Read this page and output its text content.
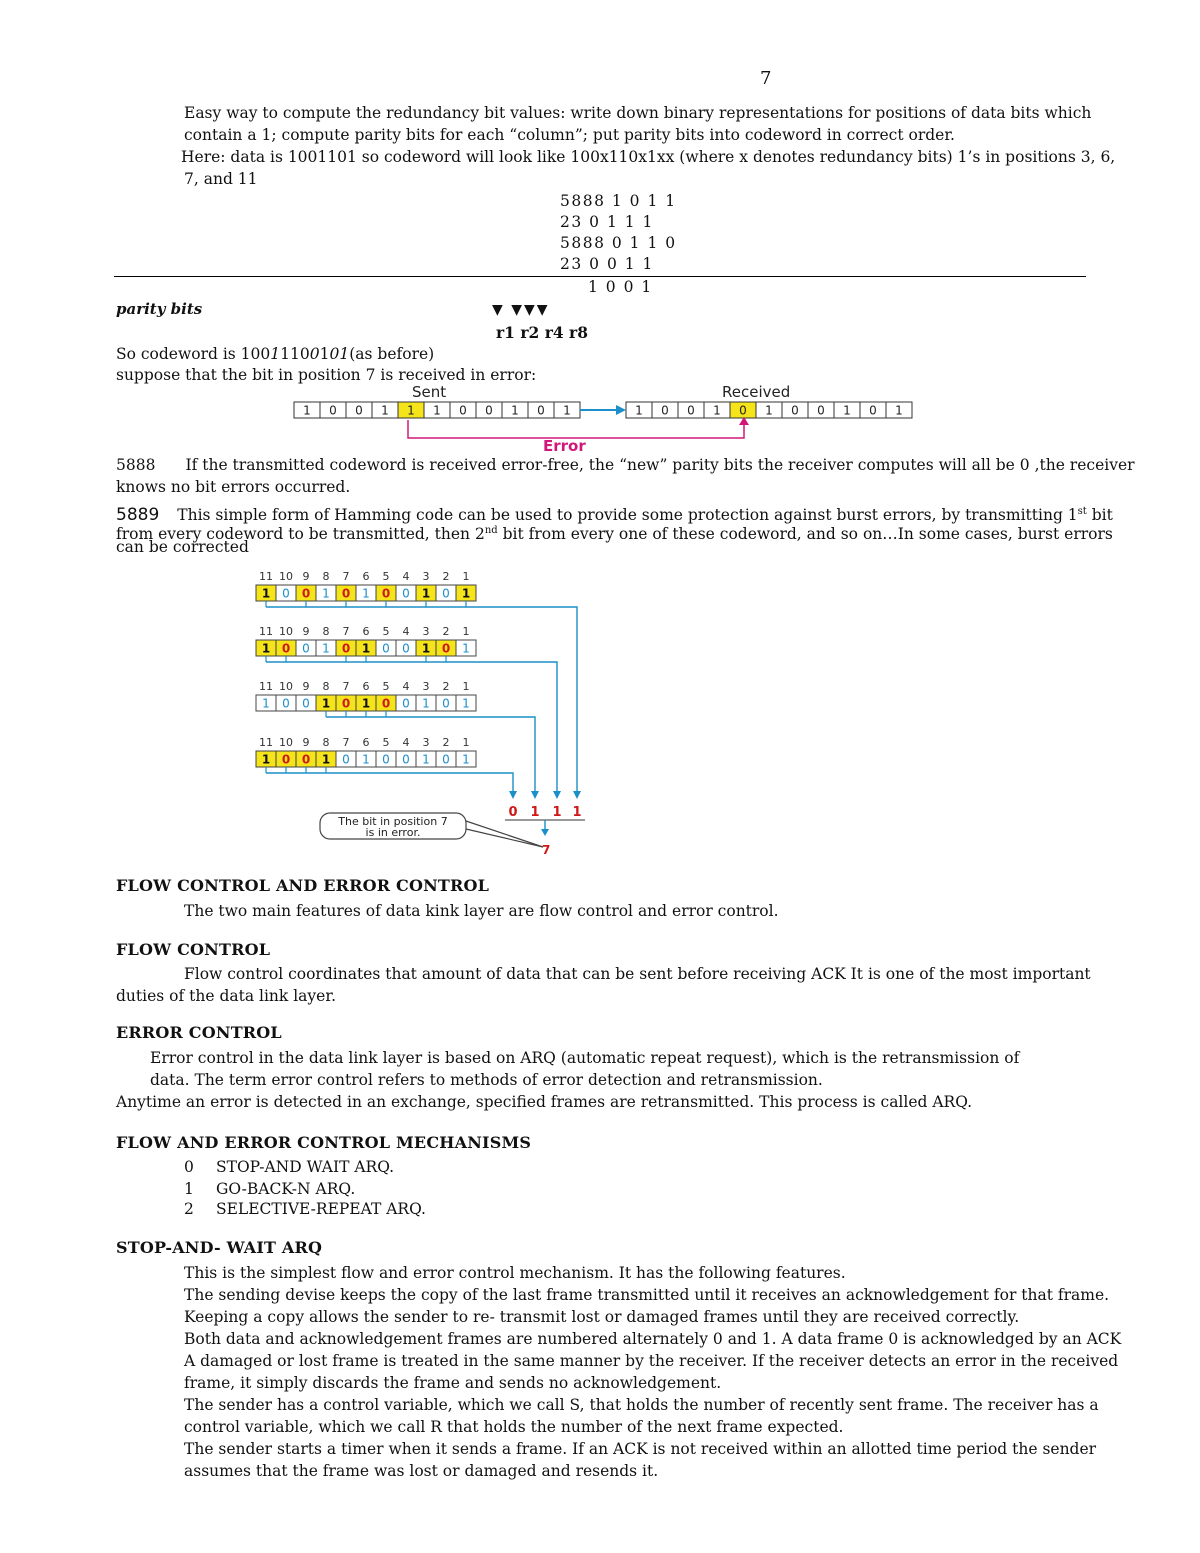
7
Easy way to compute the redundancy bit values: write down binary representations for positions of data bits which
contain a 1; compute parity bits for each “column”; put parity bits into codeword in correct order.
Here: data is 1001101 so codeword will look like 100x110x1xx (where x denotes redundancy bits) 1’s in positions 3, 6,
7, and 11
5888 1 0 1 1
23 0 1 1 1
5888 0 1 1 0
23 0 0 1 1
1 0 0 1
parity bits	▼ ▼▼▼
r1 r2 r4 r8
So codeword is 10011100101(as before)
suppose that the bit in position 7 is received in error:
Sent	Received
1 0 0 1 1 1 0 0 1 0 1	1 0 0 1 0 1 0 0 1 0 1
Error
5888 If the transmitted codeword is received error-free, the “new” parity bits the receiver computes will all be 0 ,the receiver
knows no bit errors occurred.
5889 This simple form of Hamming code can be used to provide some protection against burst errors, by transmitting 1st bit
from every codeword to be transmitted, then 2nd bit from every one of these codeword, and so on…In some cases, burst errors
can be corrected
11 10 9 8 7 6 5 4 3 2 1
1 0 0 1 0 1 0 0 1 0 1
11 10 9 8 7 6 5 4 3 2 1
1 0 0 1 0 1 0 0 1 0 1
11 10 9 8 7 6 5 4 3 2 1
1 0 0 1 0 1 0 0 1 0 1
11 10 9 8 7 6 5 4 3 2 1
1 0 0 1 0 1 0 0 1 0 1
0 1 1 1
The bit in position 7
is in error.
7
FLOW CONTROL AND ERROR CONTROL
The two main features of data kink layer are flow control and error control.
FLOW CONTROL
Flow control coordinates that amount of data that can be sent before receiving ACK It is one of the most important
duties of the data link layer.
ERROR CONTROL
Error control in the data link layer is based on ARQ (automatic repeat request), which is the retransmission of
data. The term error control refers to methods of error detection and retransmission.
Anytime an error is detected in an exchange, specified frames are retransmitted. This process is called ARQ.
FLOW AND ERROR CONTROL MECHANISMS
0 STOP-AND WAIT ARQ.
1 GO-BACK-N ARQ.
2 SELECTIVE-REPEAT ARQ.
STOP-AND- WAIT ARQ
This is the simplest flow and error control mechanism. It has the following features.
The sending devise keeps the copy of the last frame transmitted until it receives an acknowledgement for that frame.
Keeping a copy allows the sender to re- transmit lost or damaged frames until they are received correctly.
Both data and acknowledgement frames are numbered alternately 0 and 1. A data frame 0 is acknowledged by an ACK
A damaged or lost frame is treated in the same manner by the receiver. If the receiver detects an error in the received
frame, it simply discards the frame and sends no acknowledgement.
The sender has a control variable, which we call S, that holds the number of recently sent frame. The receiver has a
control variable, which we call R that holds the number of the next frame expected.
The sender starts a timer when it sends a frame. If an ACK is not received within an allotted time period the sender
assumes that the frame was lost or damaged and resends it.
